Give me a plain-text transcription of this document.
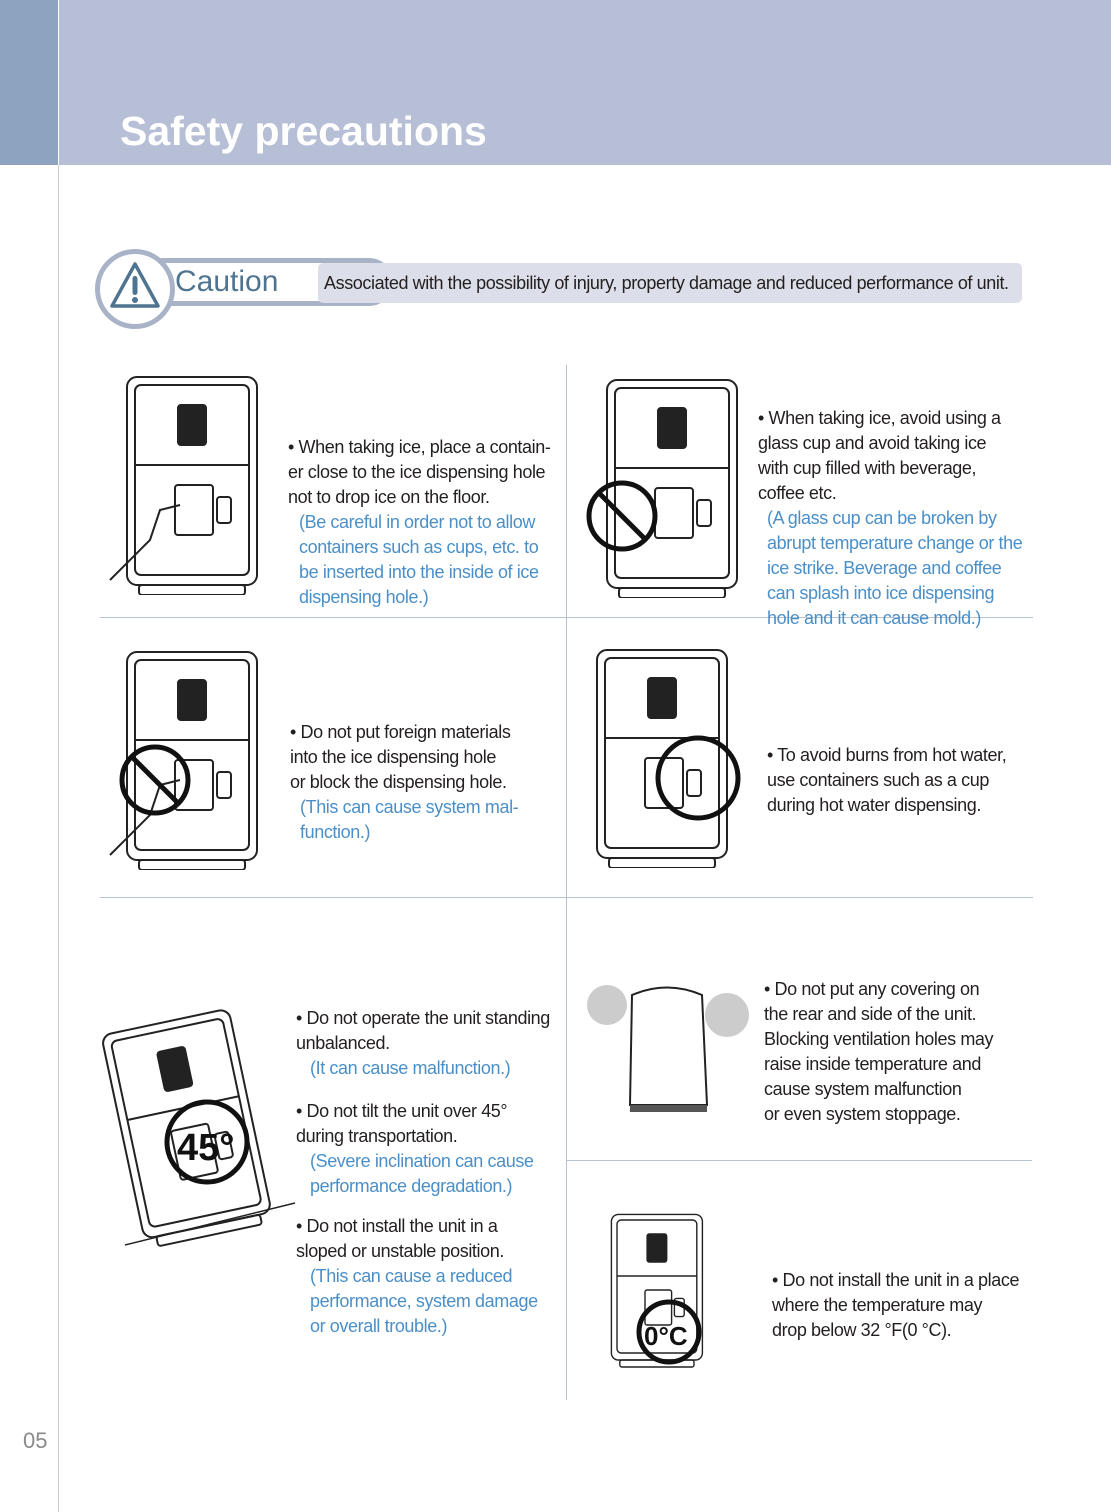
Safety precautions
Caution	Associated with the possibility of injury, property damage and reduced performance of unit.
45°
0°C

• When taking ice, place a contain-
er close to the ice dispensing hole
not to drop ice on the floor.
(Be careful in order not to allow
containers such as cups, etc. to
be inserted into the inside of ice
dispensing hole.)

• When taking ice, avoid using a
glass cup and avoid taking ice
with cup filled with beverage,
coffee etc.
(A glass cup can be broken by
abrupt temperature change or the
ice strike. Beverage and coffee
can splash into ice dispensing
hole and it can cause mold.)

• Do not put foreign materials
into the ice dispensing hole
or block the dispensing hole.
(This can cause system mal-
function.)

• To avoid burns from hot water,
use containers such as a cup
during hot water dispensing.

• Do not operate the unit standing
unbalanced.
(It can cause malfunction.)

• Do not tilt the unit over 45°
during transportation.
(Severe inclination can cause
performance degradation.)

• Do not install the unit in a
sloped or unstable position.
(This can cause a reduced
performance, system damage
or overall trouble.)

• Do not put any covering on
the rear and side of the unit.
Blocking ventilation holes may
raise inside temperature and
cause system malfunction
or even system stoppage.

• Do not install the unit in a place
where the temperature may
drop below 32 °F(0 °C).

05
